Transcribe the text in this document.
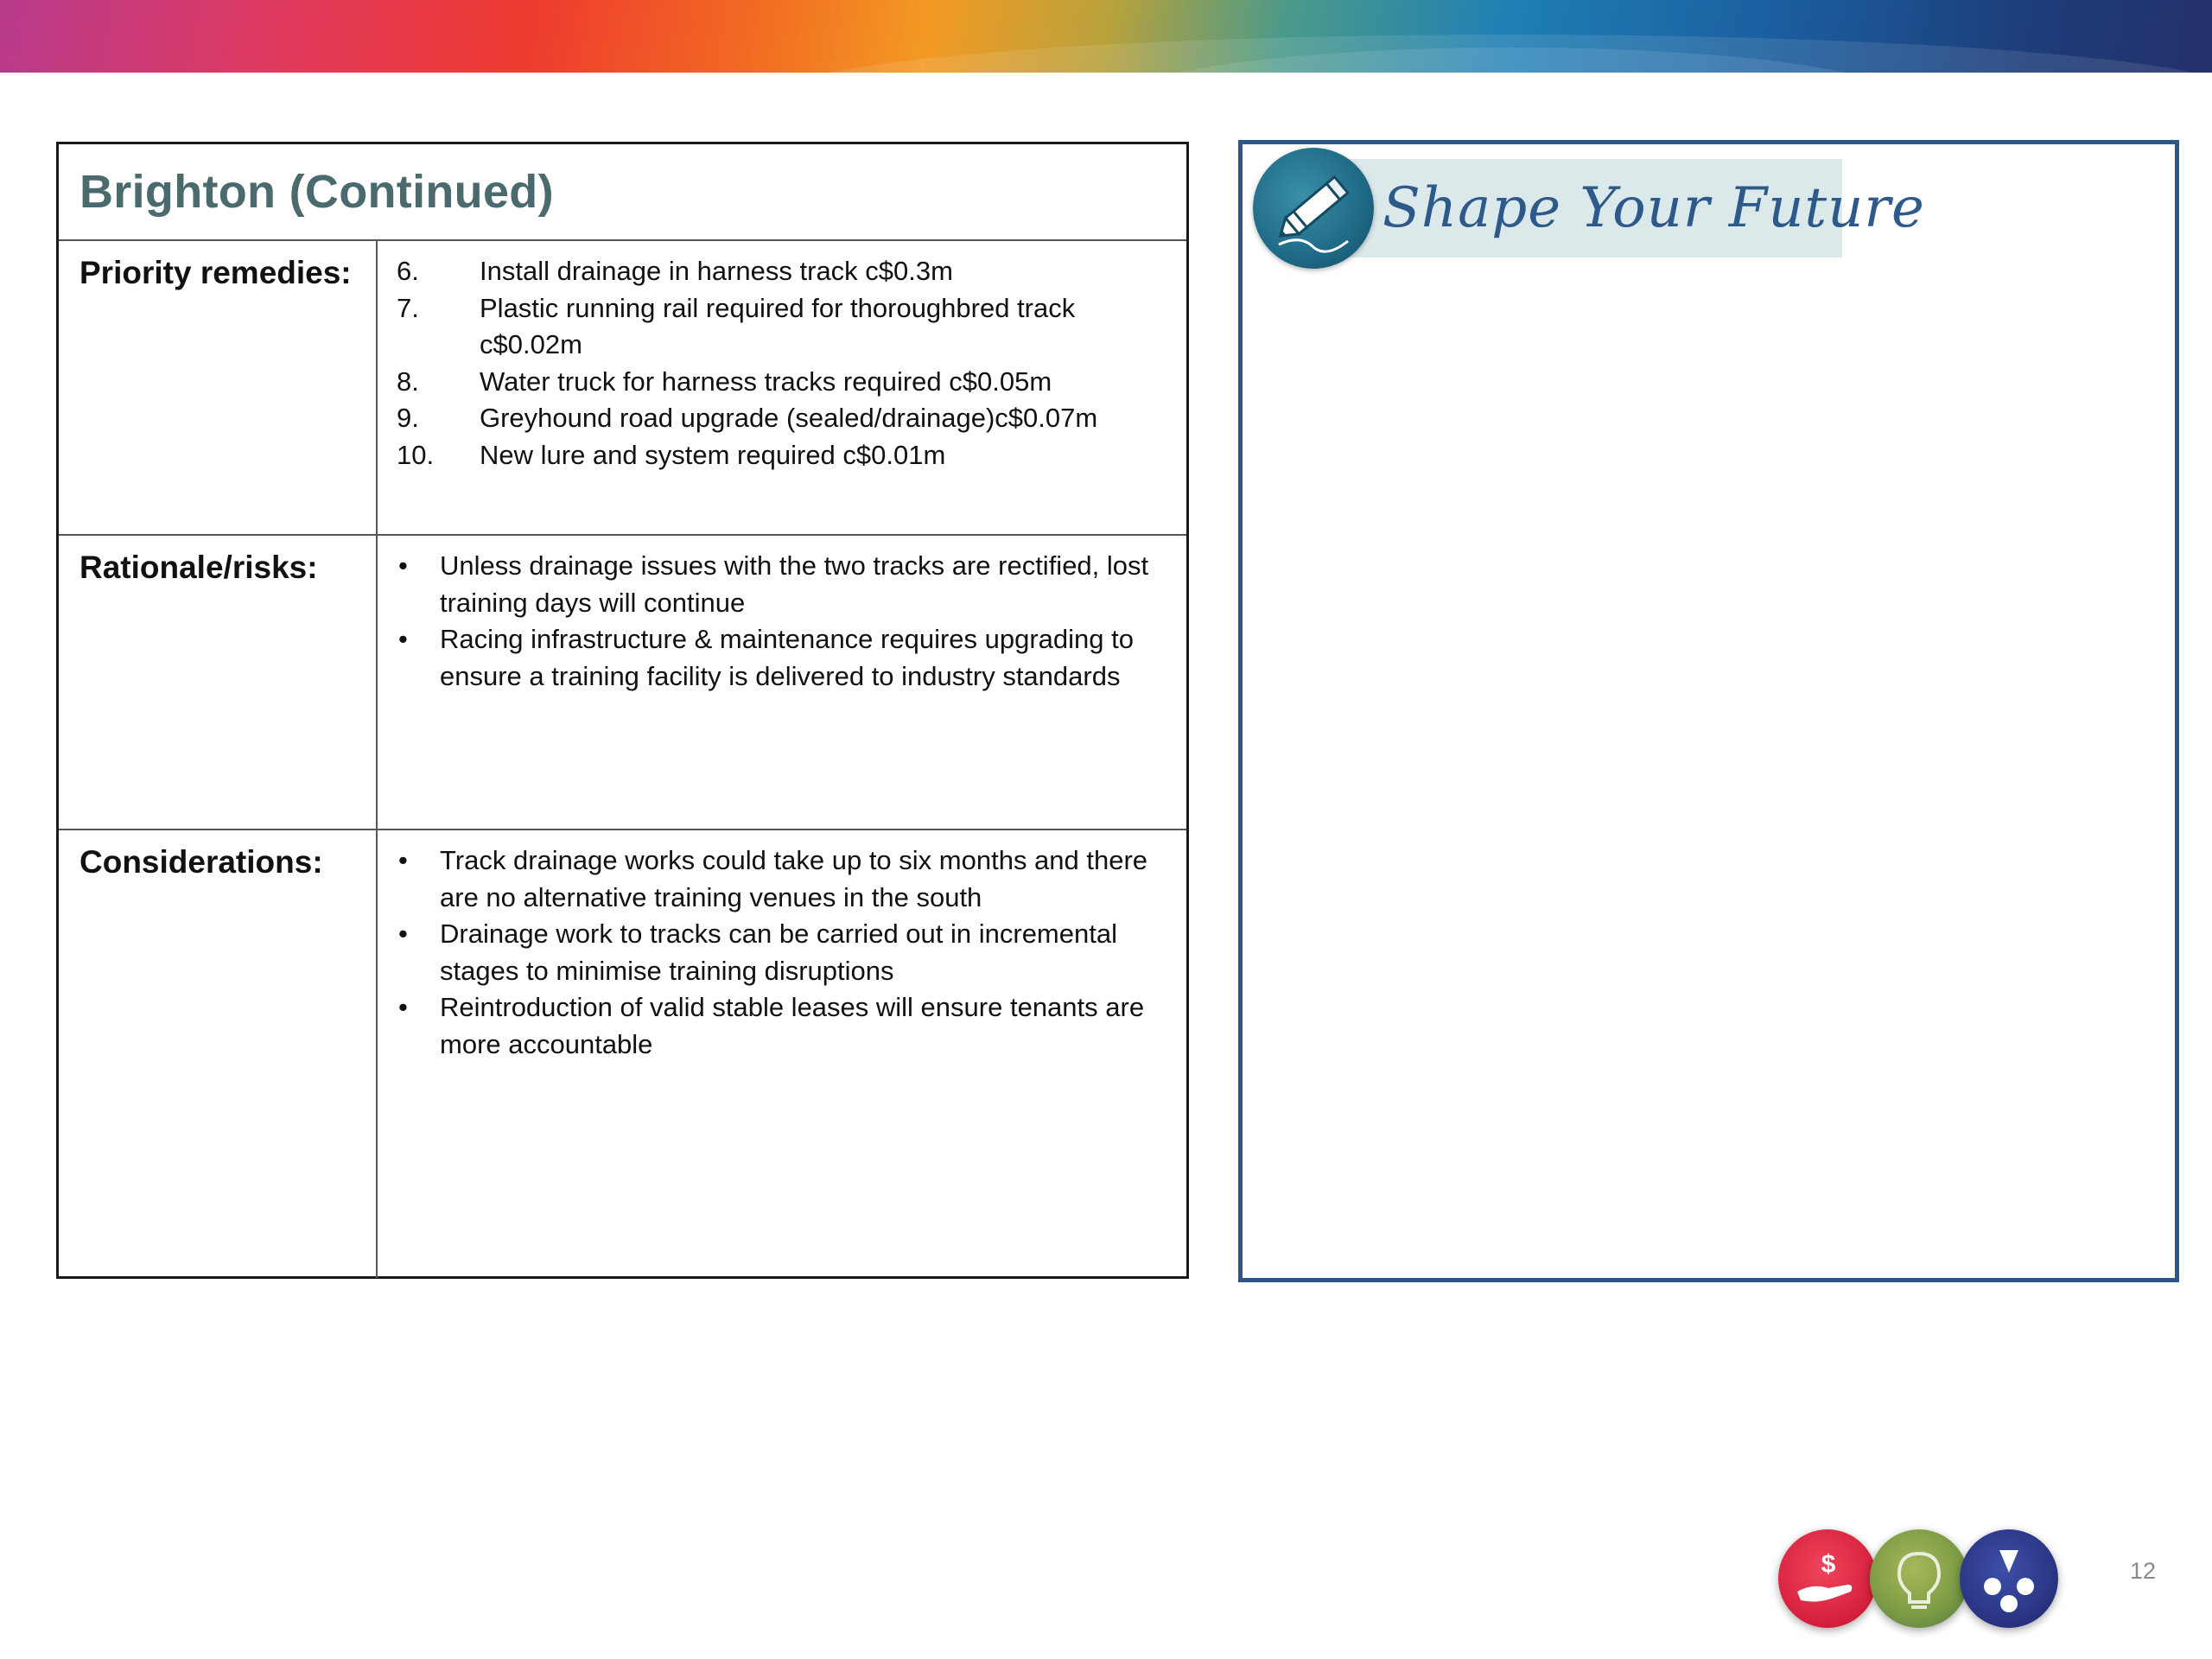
Brighton (Continued)
Priority remedies:	6.	Install drainage in harness track c$0.3m
7.	Plastic running rail required for thoroughbred track c$0.02m
8.	Water truck for harness tracks required c$0.05m
9.	Greyhound road upgrade (sealed/drainage)c$0.07m
10.	New lure and system required c$0.01m
Rationale/risks:	•	Unless drainage issues with the two tracks are rectified, lost training days will continue
•	Racing infrastructure & maintenance requires upgrading to ensure a training facility is delivered to industry standards
Considerations:	•	Track drainage works could take up to six months and there are no alternative training venues in the south
•	Drainage work to tracks can be carried out in incremental stages to minimise training disruptions
•	Reintroduction of valid stable leases will ensure tenants are more accountable
Shape Your Future
$	12
